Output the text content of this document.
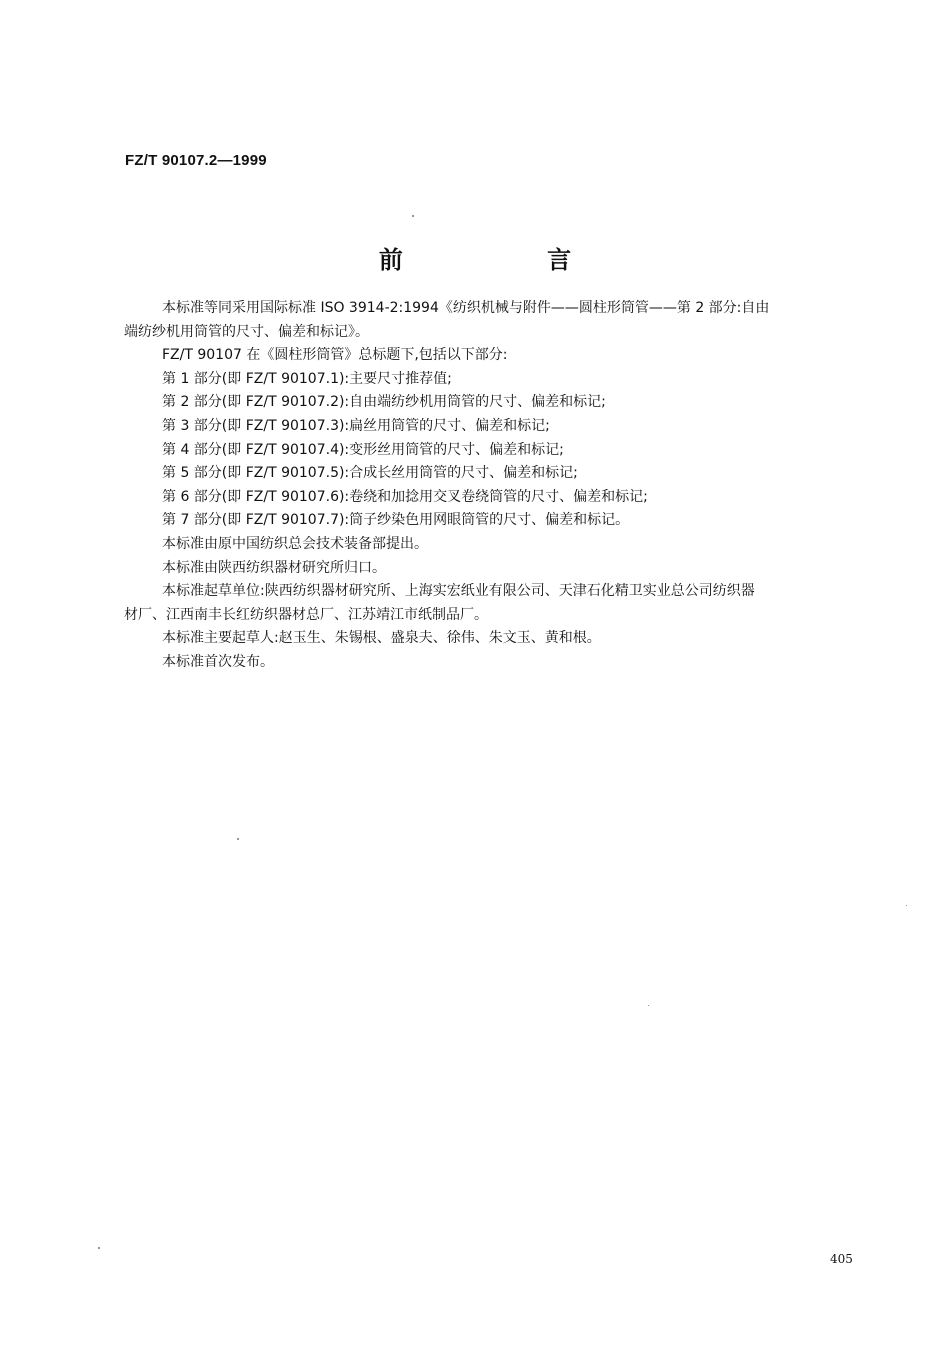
FZ/T 90107.2—1999
前 言

本标准等同采用国际标准 ISO 3914-2:1994《纺织机械与附件——圆柱形筒管——第 2 部分:自由

端纺纱机用筒管的尺寸、偏差和标记》。

FZ/T 90107 在《圆柱形筒管》总标题下,包括以下部分:

第 1 部分(即 FZ/T 90107.1):主要尺寸推荐值;

第 2 部分(即 FZ/T 90107.2):自由端纺纱机用筒管的尺寸、偏差和标记;

第 3 部分(即 FZ/T 90107.3):扁丝用筒管的尺寸、偏差和标记;

第 4 部分(即 FZ/T 90107.4):变形丝用筒管的尺寸、偏差和标记;

第 5 部分(即 FZ/T 90107.5):合成长丝用筒管的尺寸、偏差和标记;

第 6 部分(即 FZ/T 90107.6):卷绕和加捻用交叉卷绕筒管的尺寸、偏差和标记;

第 7 部分(即 FZ/T 90107.7):筒子纱染色用网眼筒管的尺寸、偏差和标记。

本标准由原中国纺织总会技术装备部提出。

本标准由陕西纺织器材研究所归口。

本标准起草单位:陕西纺织器材研究所、上海实宏纸业有限公司、天津石化精卫实业总公司纺织器

材厂、江西南丰长红纺织器材总厂、江苏靖江市纸制品厂。

本标准主要起草人:赵玉生、朱锡根、盛泉夫、徐伟、朱文玉、黄和根。

本标准首次发布。

405
